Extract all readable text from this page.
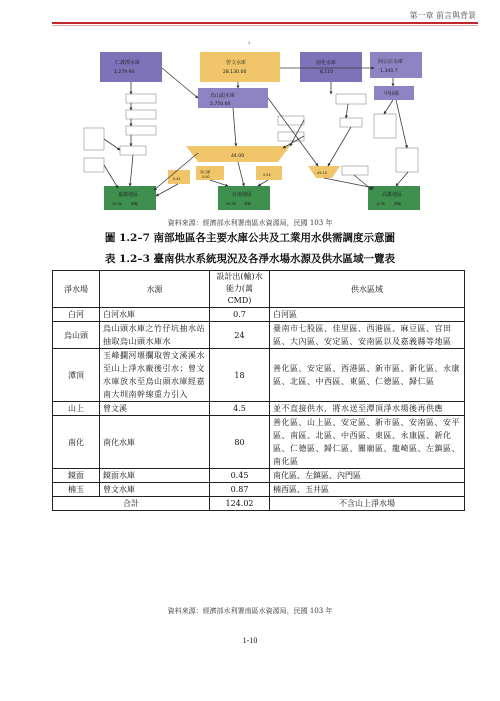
第一章 前言與背景
1
仁義潭水庫
1,279.93
曾文水庫
28,130.00
烏山頭水庫
5,750.60
南化水庫
8,110
阿公店水庫
1,340.7
甲仙堰
44.00
-45.10
烏山頭
0.00	5.53
0.42
嘉義地區
-29.30	萬噸
台南地區
94.28 萬噸
高雄地區
-2.35	萬噸
資料來源：經濟部水利署南區水資源局，民國 103 年
圖 1.2–7 南部地區各主要水庫公共及工業用水供需調度示意圖
表 1.2–3 臺南供水系統現況及各淨水場水源及供水區域一覽表
淨水場	水源	設計出(輸)水能力(萬 CMD)	供水區域
白河	白河水庫	0.7	白河區
烏山頭	烏山頭水庫之竹仔坑抽水站抽取烏山頭水庫水	24	臺南市七股區、佳里區、西港區、麻豆區、官田區、大內區、安定區、安南區以及嘉義縣等地區
潭頂	玉峰攔河堰攔取曾文溪溪水至山上淨水廠後引水；曾文水庫放水至烏山頭水庫經嘉南大圳南幹線重力引入	18	善化區、安定區、西港區、新市區、新化區、永康區、北區、中西區、東區、仁德區、歸仁區
山上	曾文溪	4.5	並不直接供水，將水送至潭頂淨水場後再供應
南化	南化水庫	80	善化區、山上區、安定區、新市區、安南區、安平區、南區、北區、中西區、東區、永康區、新化區、仁德區、歸仁區、關廟區、龍崎區、左鎮區、南化區
鏡面	鏡面水庫	0.45	南化區、左鎮區、內門區
楠玉	曾文水庫	0.87	楠西區、玉井區
合計		124.02	不含山上淨水場
資料來源：經濟部水利署南區水資源局，民國 103 年
1-10
